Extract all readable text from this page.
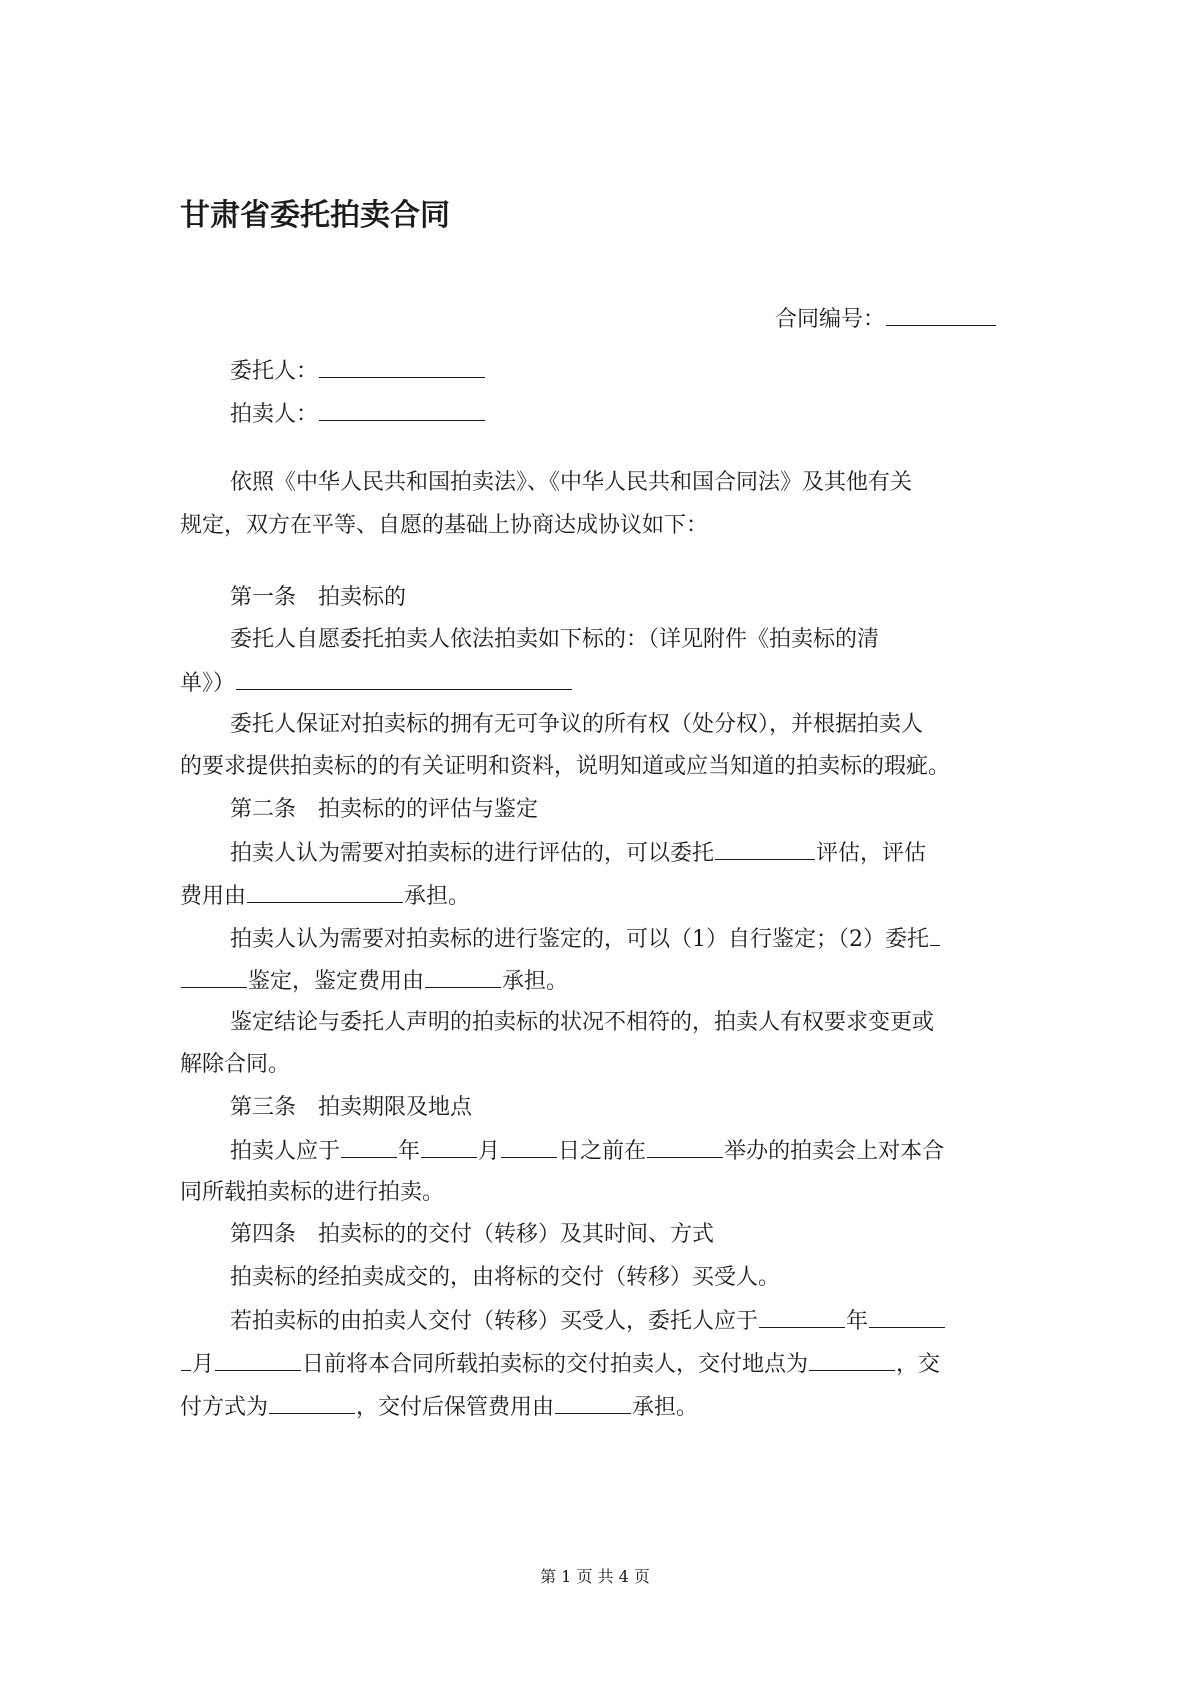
甘肃省委托拍卖合同
合同编号：
委托人：
拍卖人：
依照《中华人民共和国拍卖法》、《中华人民共和国合同法》及其他有关
规定，双方在平等、自愿的基础上协商达成协议如下：
第一条　拍卖标的
委托人自愿委托拍卖人依法拍卖如下标的：（详见附件《拍卖标的清
单》）
委托人保证对拍卖标的拥有无可争议的所有权（处分权），并根据拍卖人
的要求提供拍卖标的的有关证明和资料，说明知道或应当知道的拍卖标的瑕疵。
第二条　拍卖标的的评估与鉴定
拍卖人认为需要对拍卖标的进行评估的，可以委托	评估，评估
费用由	承担。
拍卖人认为需要对拍卖标的进行鉴定的，可以（1）自行鉴定；（2）委托
鉴定，鉴定费用由	承担。
鉴定结论与委托人声明的拍卖标的状况不相符的，拍卖人有权要求变更或
解除合同。
第三条　拍卖期限及地点
拍卖人应于	年	月	日之前在	举办的拍卖会上对本合
同所载拍卖标的进行拍卖。
第四条　拍卖标的的交付（转移）及其时间、方式
拍卖标的经拍卖成交的，由将标的交付（转移）买受人。
若拍卖标的由拍卖人交付（转移）买受人，委托人应于	年
月	日前将本合同所载拍卖标的交付拍卖人，交付地点为	，交
付方式为	，交付后保管费用由	承担。
第 1 页 共 4 页
